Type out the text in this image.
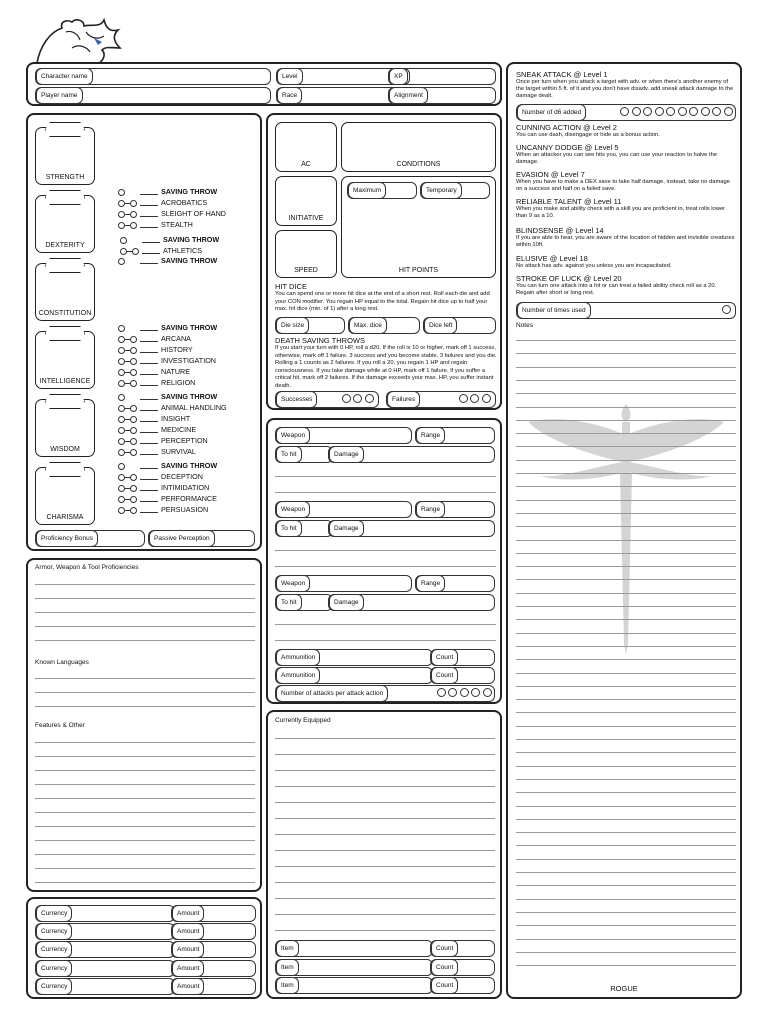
Character name	Level	XP
Player name	Race	Alignment
STRENGTH
SAVING THROW
ATHLETICS
DEXTERITY
CONSTITUTION
INTELLIGENCE
WISDOM
CHARISMA
Proficiency Bonus	Passive Perception
SAVING THROW
ACROBATICS
SLEIGHT OF HAND
STEALTH
SAVING THROW
SAVING THROW
ARCANA
HISTORY
INVESTIGATION
NATURE
RELIGION
SAVING THROW
ANIMAL HANDLING
INSIGHT
MEDICINE
PERCEPTION
SURVIVAL
SAVING THROW
DECEPTION
INTIMIDATION
PERFORMANCE
PERSUASION
AC	CONDITIONS
INITIATIVE
SPEED
Maximum	Temporary
HIT POINTS
HIT DICE
You can spend one or more hit dice at the end of a short rest. Roll each die and add your CON modifier. You regain HP equal to the total. Regain hit dice up to half your max. hit dice (min. of 1) after a long rest.
Die size	Max. dice	Dice left
DEATH SAVING THROWS
If you start your turn with 0 HP, roll a d20. If the roll is 10 or higher, mark off 1 success, otherwise, mark off 1 failure. 3 success and you become stable, 3 failures and you die. Rolling a 1 counts as 2 failures. If you roll a 20, you regain 1 HP and regain consciousness. If you take damage while at 0 HP, mark off 1 failure. If you suffer a critical hit, mark off 2 failures. If the damage exceeds your max. HP, you suffer instant death.
Successes	Failures
Weapon	Range
To hit	Damage
Weapon	Range
To hit	Damage
Weapon	Range
To hit	Damage
Ammunition	Count
Ammunition	Count
Number of attacks per attack action
Armor, Weapon & Tool Proficiencies
Known Languages
Features & Other
Currency	Amount
Currency	Amount
Currency	Amount
Currency	Amount
Currency	Amount
Currently Equipped
Item	Count
Item	Count
Item	Count
SNEAK ATTACK @ Level 1

Once per turn when you attack a target with adv. or when there's another enemy of the target within 5 ft. of it and you don't have disadv. add sneak attack damage to the damage dealt.

Number of d6 added
CUNNING ACTION @ Level 2

You can use dash, disengage or hide as a bonus action.

UNCANNY DODGE @ Level 5

When an attacker you can see hits you, you can use your reaction to halve the damage.

EVASION @ Level 7

When you have to make a DEX save to take half damage, instead, take no damage on a success and half on a failed save.

RELIABLE TALENT @ Level 11

When you make and ability check with a skill you are proficient in, treat rolls lower than 9 as a 10.

BLINDSENSE @ Level 14

If you are able to hear, you are aware of the location of hidden and invisible creatures within 10ft.

ELUSIVE @ Level 18

No attack has adv. against you unless you are incapacitated.

STROKE OF LUCK @ Level 20

You can turn one attack into a hit or can treat a failed ability check roll as a 20. Regain after short or long rest.

Number of times used
Notes
ROGUE
